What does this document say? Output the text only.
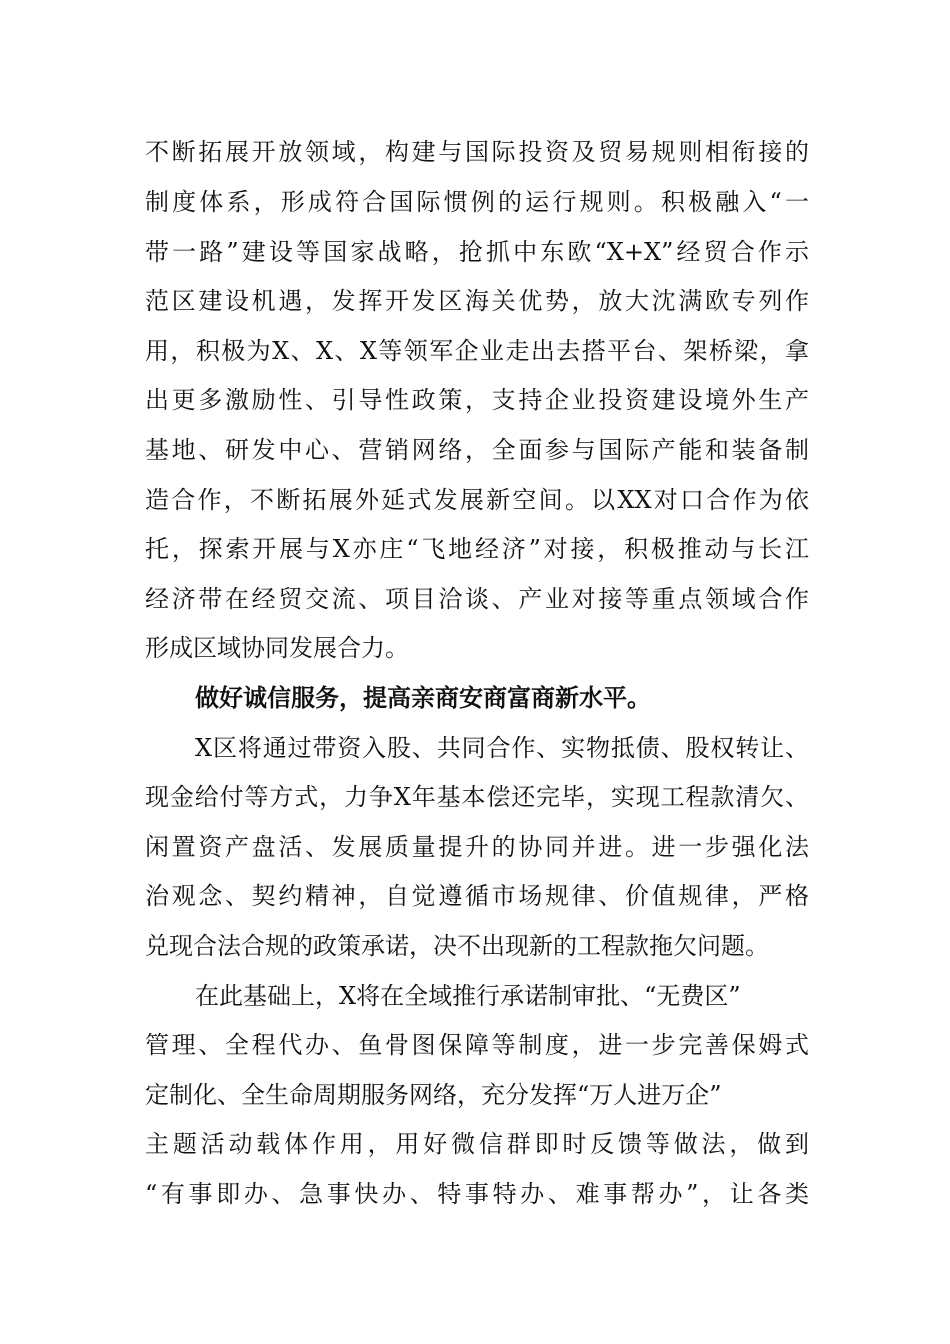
不断拓展开放领域，构建与国际投资及贸易规则相衔接的
制度体系，形成符合国际惯例的运行规则。积极融入“一
带一路”建设等国家战略，抢抓中东欧“X+X”经贸合作示
范区建设机遇，发挥开发区海关优势，放大沈满欧专列作
用，积极为X、X、X等领军企业走出去搭平台、架桥梁，拿
出更多激励性、引导性政策，支持企业投资建设境外生产
基地、研发中心、营销网络，全面参与国际产能和装备制
造合作，不断拓展外延式发展新空间。以XX对口合作为依
托，探索开展与X亦庄“飞地经济”对接，积极推动与长江
经济带在经贸交流、项目洽谈、产业对接等重点领域合作
形成区域协同发展合力。
做好诚信服务，提高亲商安商富商新水平。
X区将通过带资入股、共同合作、实物抵债、股权转让、
现金给付等方式，力争X年基本偿还完毕，实现工程款清欠、
闲置资产盘活、发展质量提升的协同并进。进一步强化法
治观念、契约精神，自觉遵循市场规律、价值规律，严格
兑现合法合规的政策承诺，决不出现新的工程款拖欠问题。
在此基础上，X将在全域推行承诺制审批、“无费区”
管理、全程代办、鱼骨图保障等制度，进一步完善保姆式
定制化、全生命周期服务网络，充分发挥“万人进万企”
主题活动载体作用，用好微信群即时反馈等做法，做到
“有事即办、急事快办、特事特办、难事帮办”，让各类
